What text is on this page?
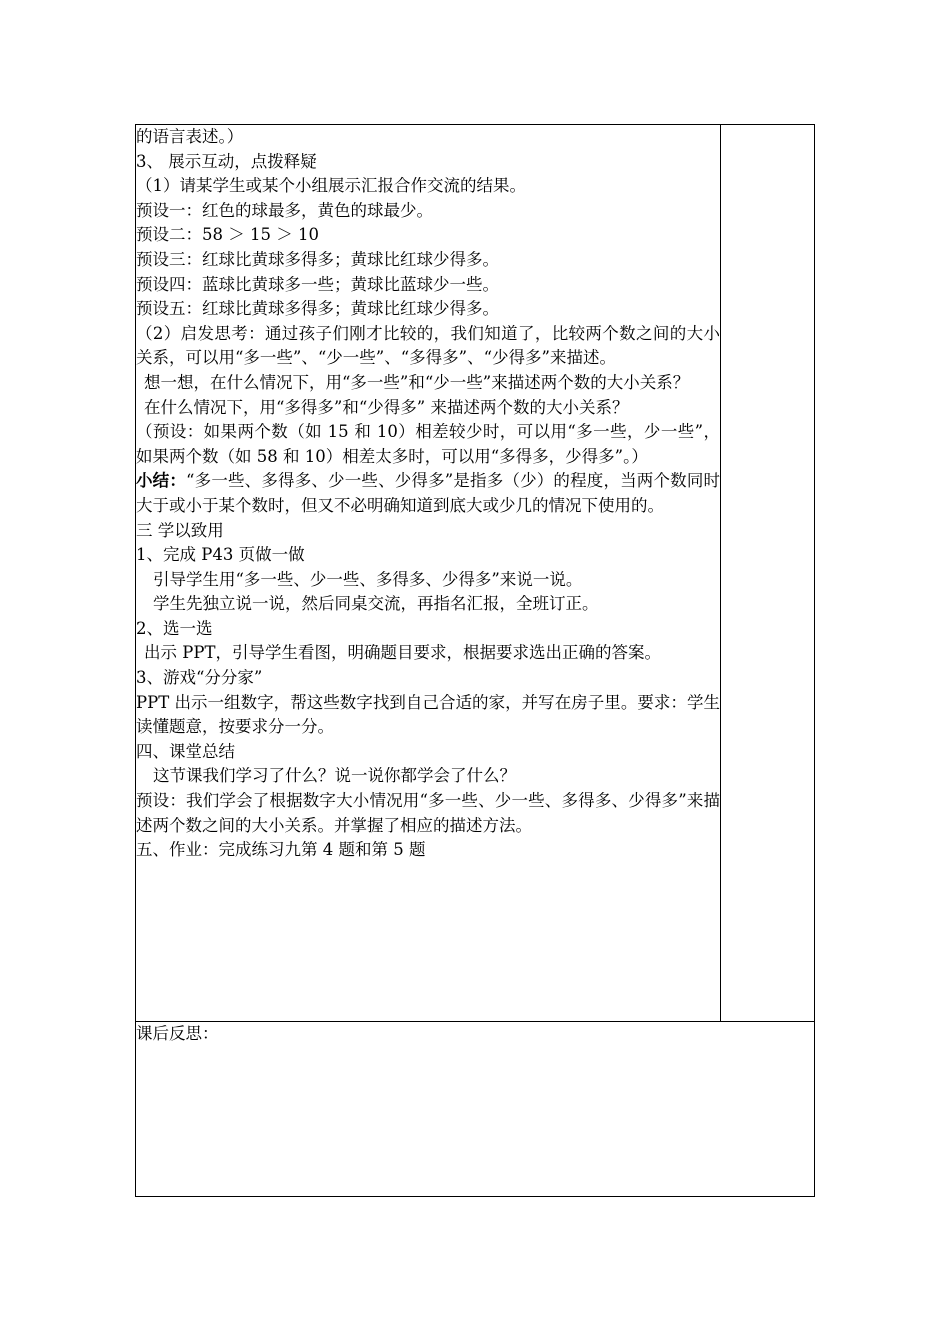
的语言表述。）

3、 展示互动，点拨释疑

（1）请某学生或某个小组展示汇报合作交流的结果。

预设一：红色的球最多，黄色的球最少。

预设二：58 ＞ 15 ＞ 10

预设三：红球比黄球多得多；黄球比红球少得多。

预设四：蓝球比黄球多一些；黄球比蓝球少一些。

预设五：红球比黄球多得多；黄球比红球少得多。

（2）启发思考：通过孩子们刚才比较的，我们知道了，比较两个数之间的大小关系，可以用“多一些”、“少一些”、“多得多”、“少得多”来描述。

想一想，在什么情况下，用“多一些”和“少一些”来描述两个数的大小关系？

在什么情况下，用“多得多”和“少得多” 来描述两个数的大小关系？

（预设：如果两个数（如 15 和 10）相差较少时，可以用“多一些，少一些”，如果两个数（如 58 和 10）相差太多时，可以用“多得多，少得多”。）

小结：“多一些、多得多、少一些、少得多”是指多（少）的程度，当两个数同时大于或小于某个数时，但又不必明确知道到底大或少几的情况下使用的。

三 学以致用

1、完成 P43 页做一做

引导学生用“多一些、少一些、多得多、少得多”来说一说。

学生先独立说一说，然后同桌交流，再指名汇报，全班订正。

2、选一选

出示 PPT，引导学生看图，明确题目要求，根据要求选出正确的答案。

3、游戏“分分家”

PPT 出示一组数字，帮这些数字找到自己合适的家，并写在房子里。要求：学生读懂题意，按要求分一分。

四、课堂总结

这节课我们学习了什么？说一说你都学会了什么？

预设：我们学会了根据数字大小情况用“多一些、少一些、多得多、少得多”来描述两个数之间的大小关系。并掌握了相应的描述方法。

五、作业：完成练习九第 4 题和第 5 题

课后反思：
